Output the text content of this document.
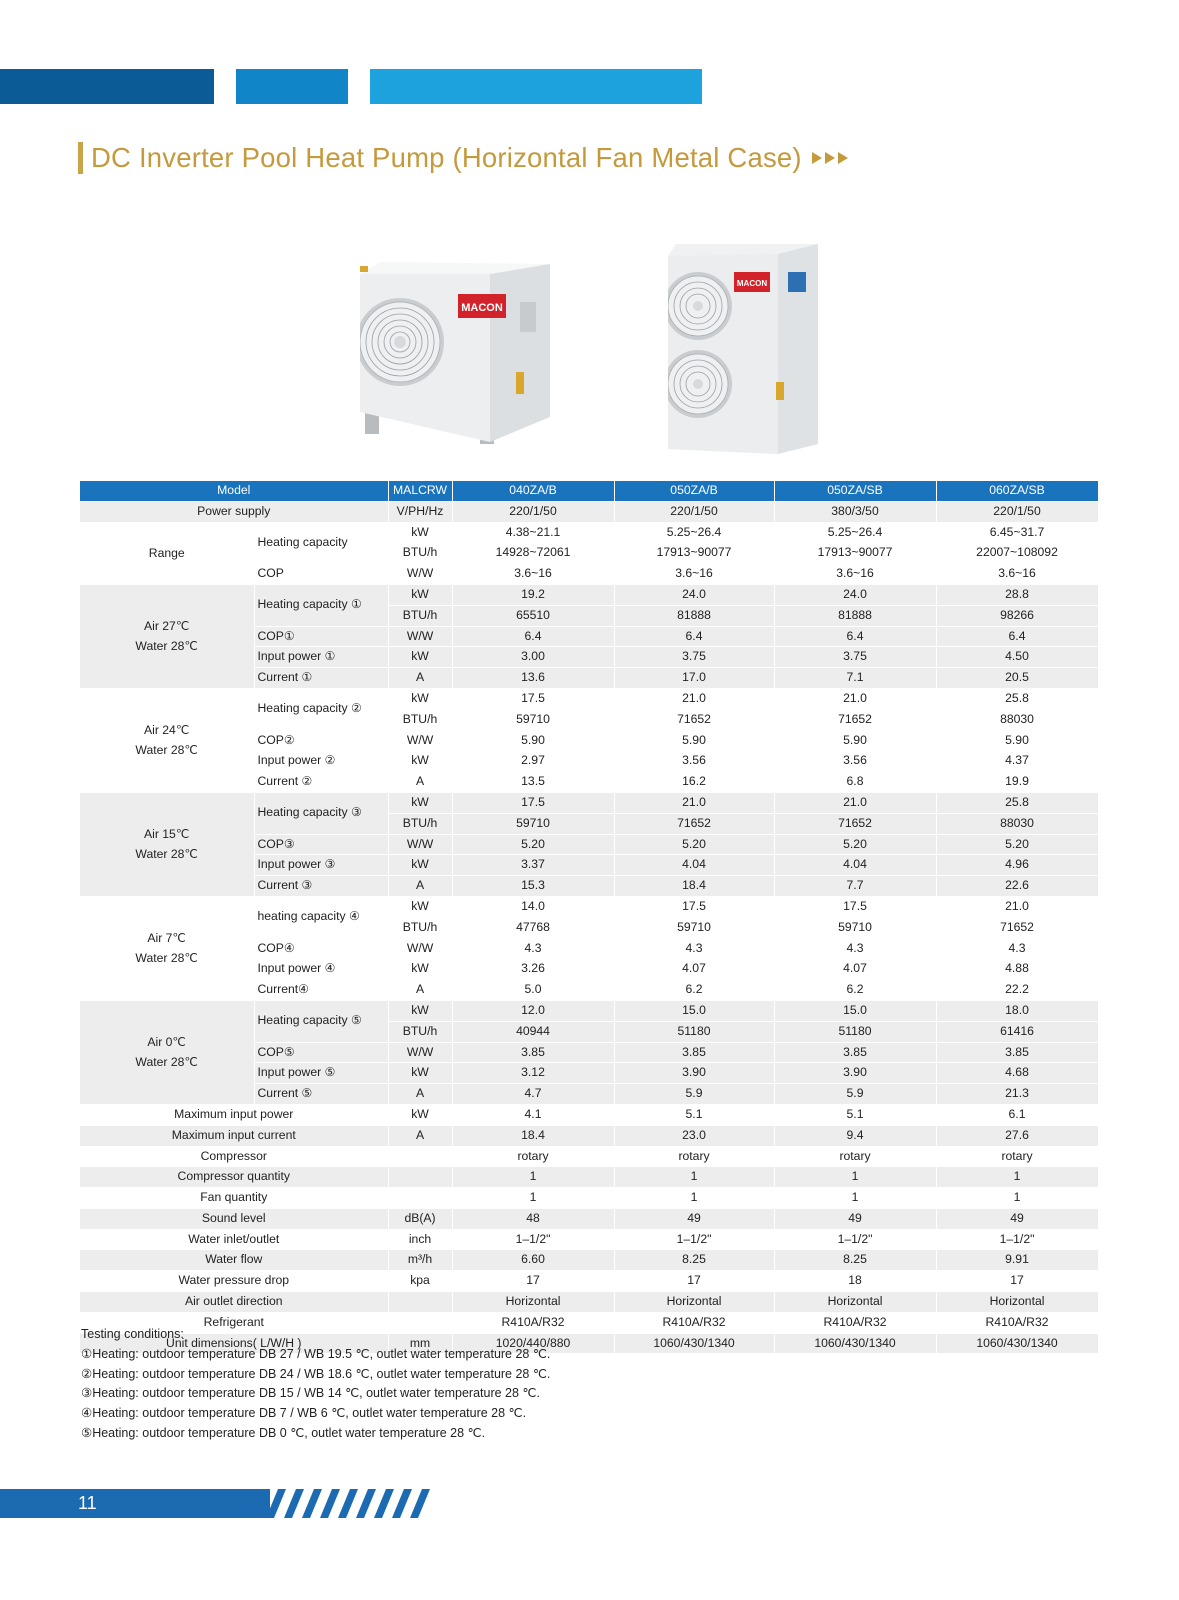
DC Inverter Pool Heat Pump (Horizontal Fan Metal Case)
MACON
MACON
Model		MALCRW	040ZA/B	050ZA/B	050ZA/SB	060ZA/SB
Power supply		V/PH/Hz	220/1/50	220/1/50	380/3/50	220/1/50
Range	Heating capacity	kW	4.38~21.1	5.25~26.4	5.25~26.4	6.45~31.7
		BTU/h	14928~72061	17913~90077	17913~90077	22007~108092
	COP	W/W	3.6~16	3.6~16	3.6~16	3.6~16

Air 27℃
Water 28℃	Heating capacity ①	kW	19.2	24.0	24.0	28.8
		BTU/h	65510	81888	81888	98266
	COP①	W/W	6.4	6.4	6.4	6.4
	Input power ①	kW	3.00	3.75	3.75	4.50
	Current ①	A	13.6	17.0	7.1	20.5

Air 24℃
Water 28℃	Heating capacity ②	kW	17.5	21.0	21.0	25.8
		BTU/h	59710	71652	71652	88030
	COP②	W/W	5.90	5.90	5.90	5.90
	Input power ②	kW	2.97	3.56	3.56	4.37
	Current ②	A	13.5	16.2	6.8	19.9

Air 15℃
Water 28℃	Heating capacity ③	kW	17.5	21.0	21.0	25.8
		BTU/h	59710	71652	71652	88030
	COP③	W/W	5.20	5.20	5.20	5.20
	Input power ③	kW	3.37	4.04	4.04	4.96
	Current ③	A	15.3	18.4	7.7	22.6

Air 7℃
Water 28℃	heating capacity ④	kW	14.0	17.5	17.5	21.0
		BTU/h	47768	59710	59710	71652
	COP④	W/W	4.3	4.3	4.3	4.3
	Input power ④	kW	3.26	4.07	4.07	4.88
	Current④	A	5.0	6.2	6.2	22.2

Air 0℃
Water 28℃	Heating capacity ⑤	kW	12.0	15.0	15.0	18.0
		BTU/h	40944	51180	51180	61416
	COP⑤	W/W	3.85	3.85	3.85	3.85
	Input power ⑤	kW	3.12	3.90	3.90	4.68
	Current ⑤	A	4.7	5.9	5.9	21.3
Maximum input power		kW	4.1	5.1	5.1	6.1
Maximum input current		A	18.4	23.0	9.4	27.6
Compressor			rotary	rotary	rotary	rotary
Compressor quantity			1	1	1	1
Fan quantity			1	1	1	1
Sound level		dB(A)	48	49	49	49
Water inlet/outlet		inch	1–1/2"	1–1/2"	1–1/2"	1–1/2"
Water flow		m³/h	6.60	8.25	8.25	9.91
Water pressure drop		kpa	17	17	18	17
Air outlet direction			Horizontal	Horizontal	Horizontal	Horizontal
Refrigerant			R410A/R32	R410A/R32	R410A/R32	R410A/R32
Unit dimensions( L/W/H )		mm	1020/440/880	1060/430/1340	1060/430/1340	1060/430/1340
Testing conditions:
①Heating: outdoor temperature DB 27 / WB 19.5 ℃, outlet water temperature 28 ℃.
②Heating: outdoor temperature DB 24 / WB 18.6 ℃, outlet water temperature 28 ℃.
③Heating: outdoor temperature DB 15 / WB 14 ℃, outlet water temperature 28 ℃.
④Heating: outdoor temperature DB 7 / WB 6 ℃, outlet water temperature 28 ℃.
⑤Heating: outdoor temperature DB 0 ℃, outlet water temperature 28 ℃.
11
